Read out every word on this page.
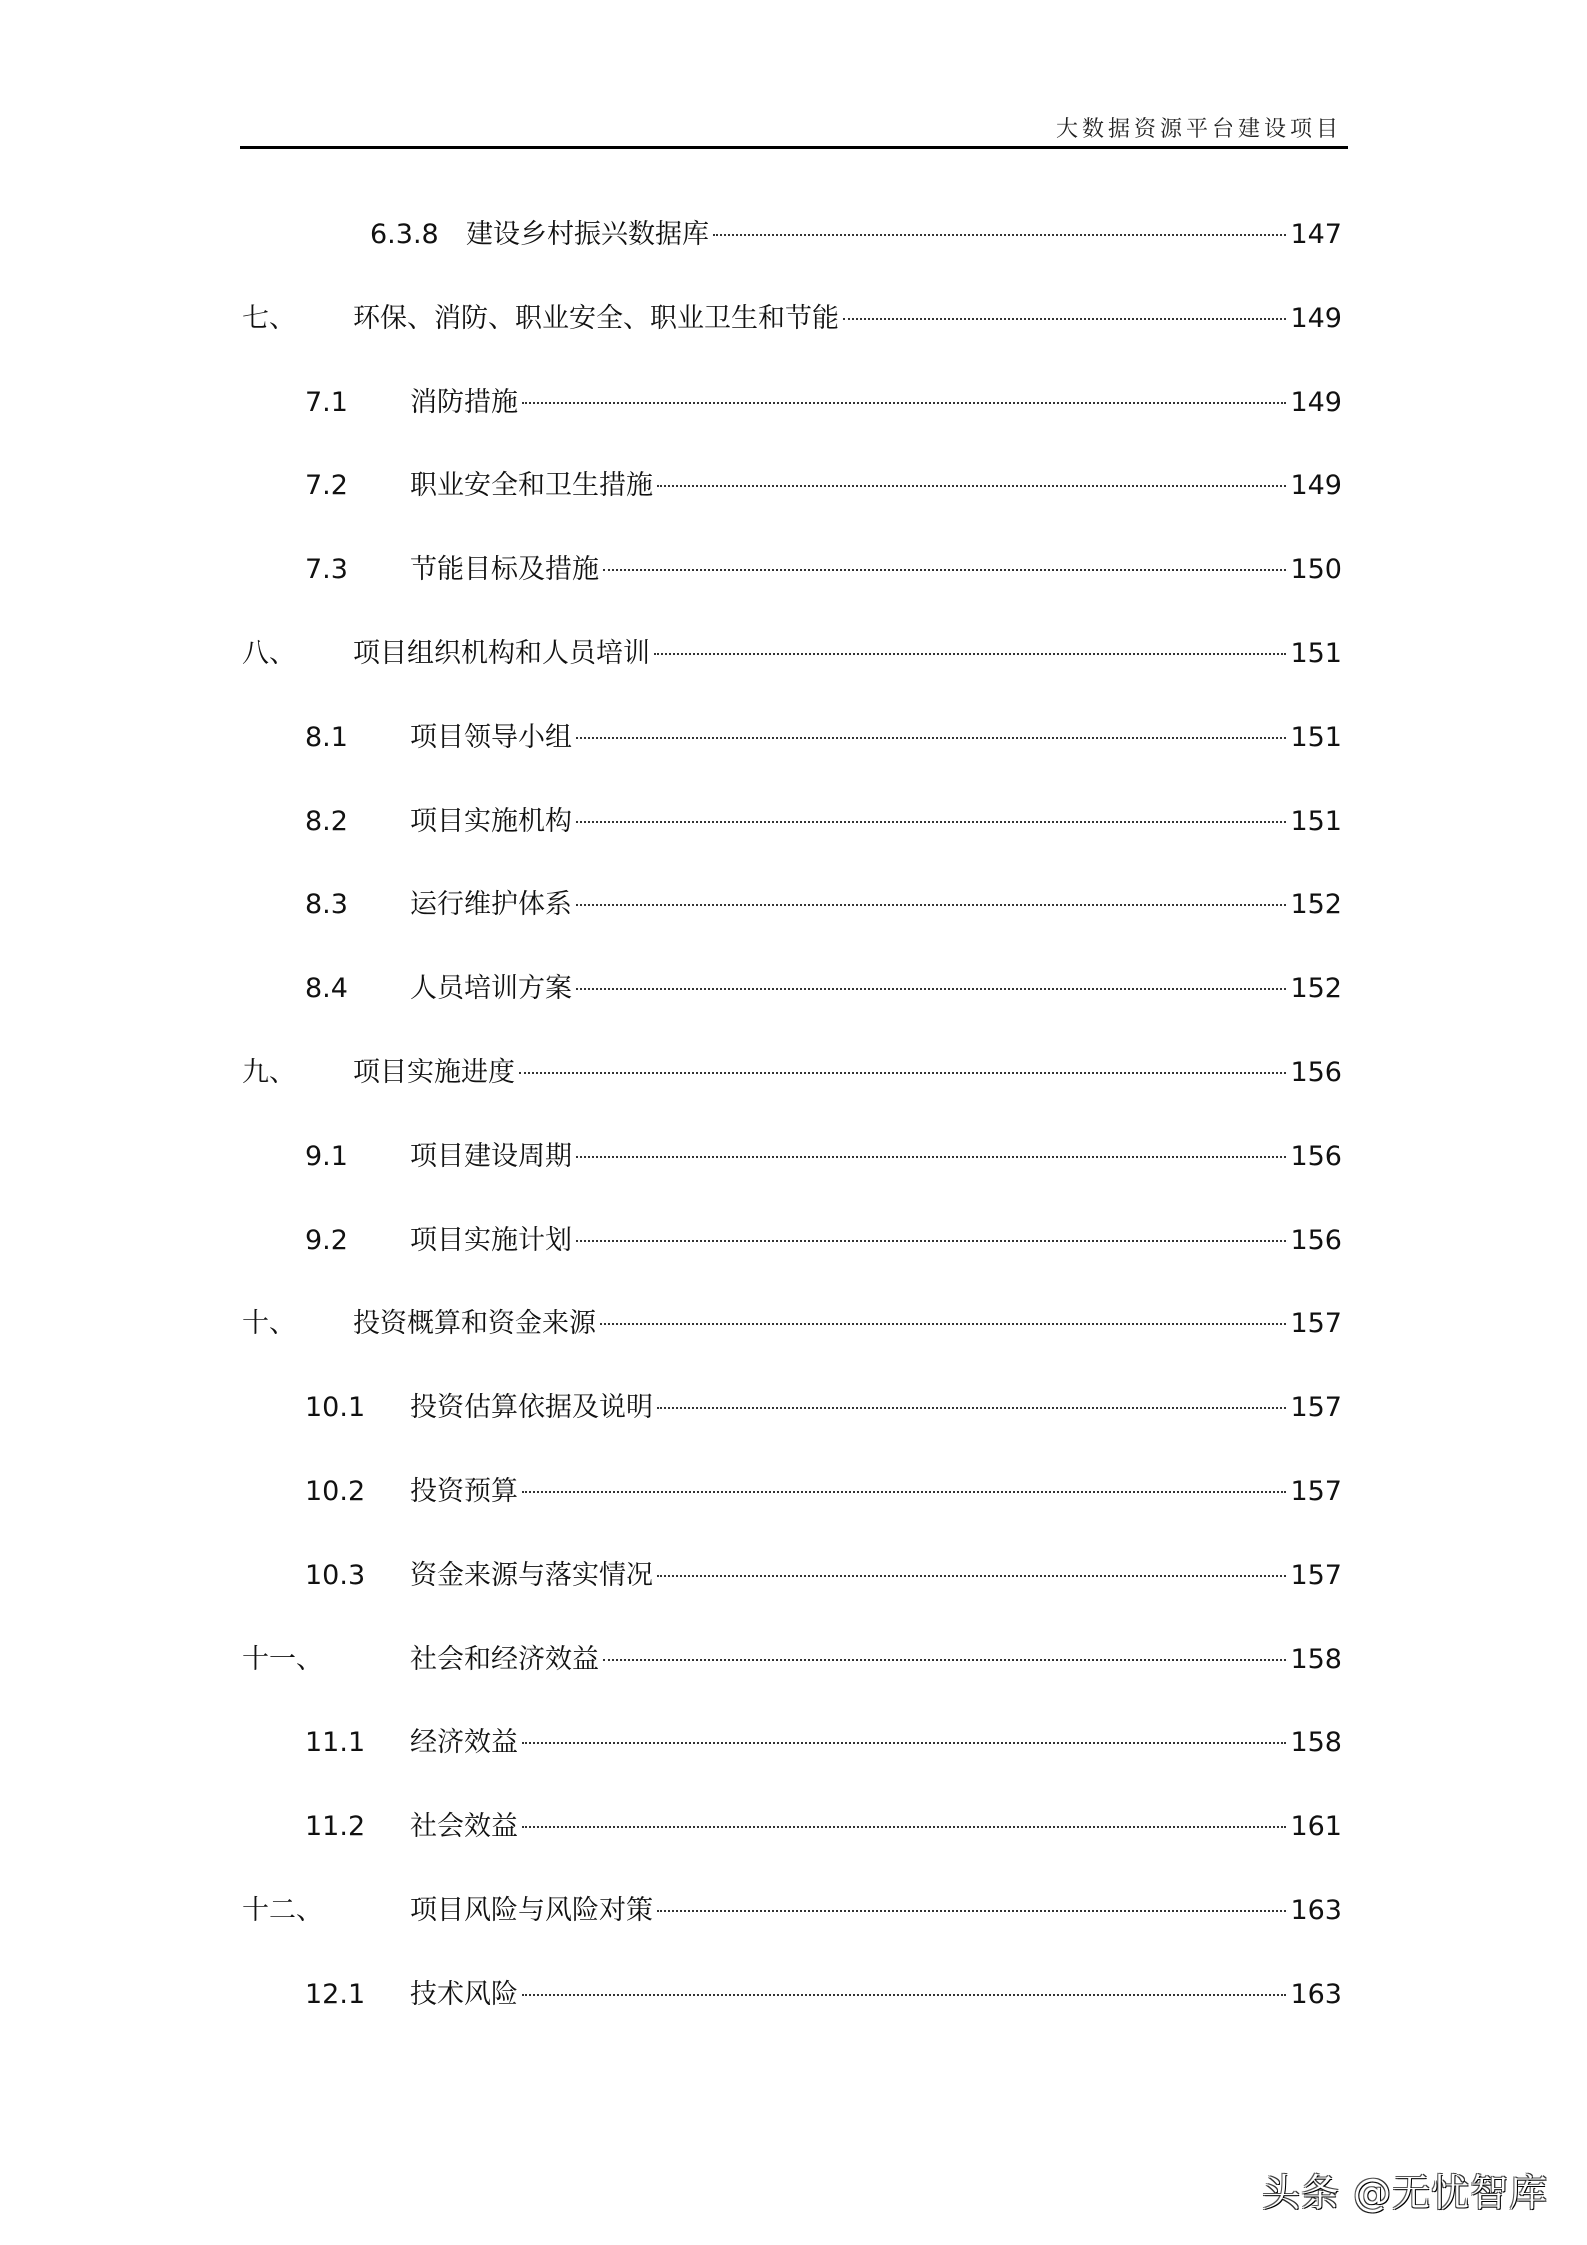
大数据资源平台建设项目
6.3.8 建设乡村振兴数据库	147
七、 环保、消防、职业安全、职业卫生和节能	149
7.1 消防措施	149
7.2 职业安全和卫生措施	149
7.3 节能目标及措施	150
八、 项目组织机构和人员培训	151
8.1 项目领导小组	151
8.2 项目实施机构	151
8.3 运行维护体系	152
8.4 人员培训方案	152
九、 项目实施进度	156
9.1 项目建设周期	156
9.2 项目实施计划	156
十、 投资概算和资金来源	157
10.1 投资估算依据及说明	157
10.2 投资预算	157
10.3 资金来源与落实情况	157
十一、	社会和经济效益	158
11.1 经济效益	158
11.2 社会效益	161
十二、	项目风险与风险对策	163
12.1 技术风险	163
头条 @无忧智库
